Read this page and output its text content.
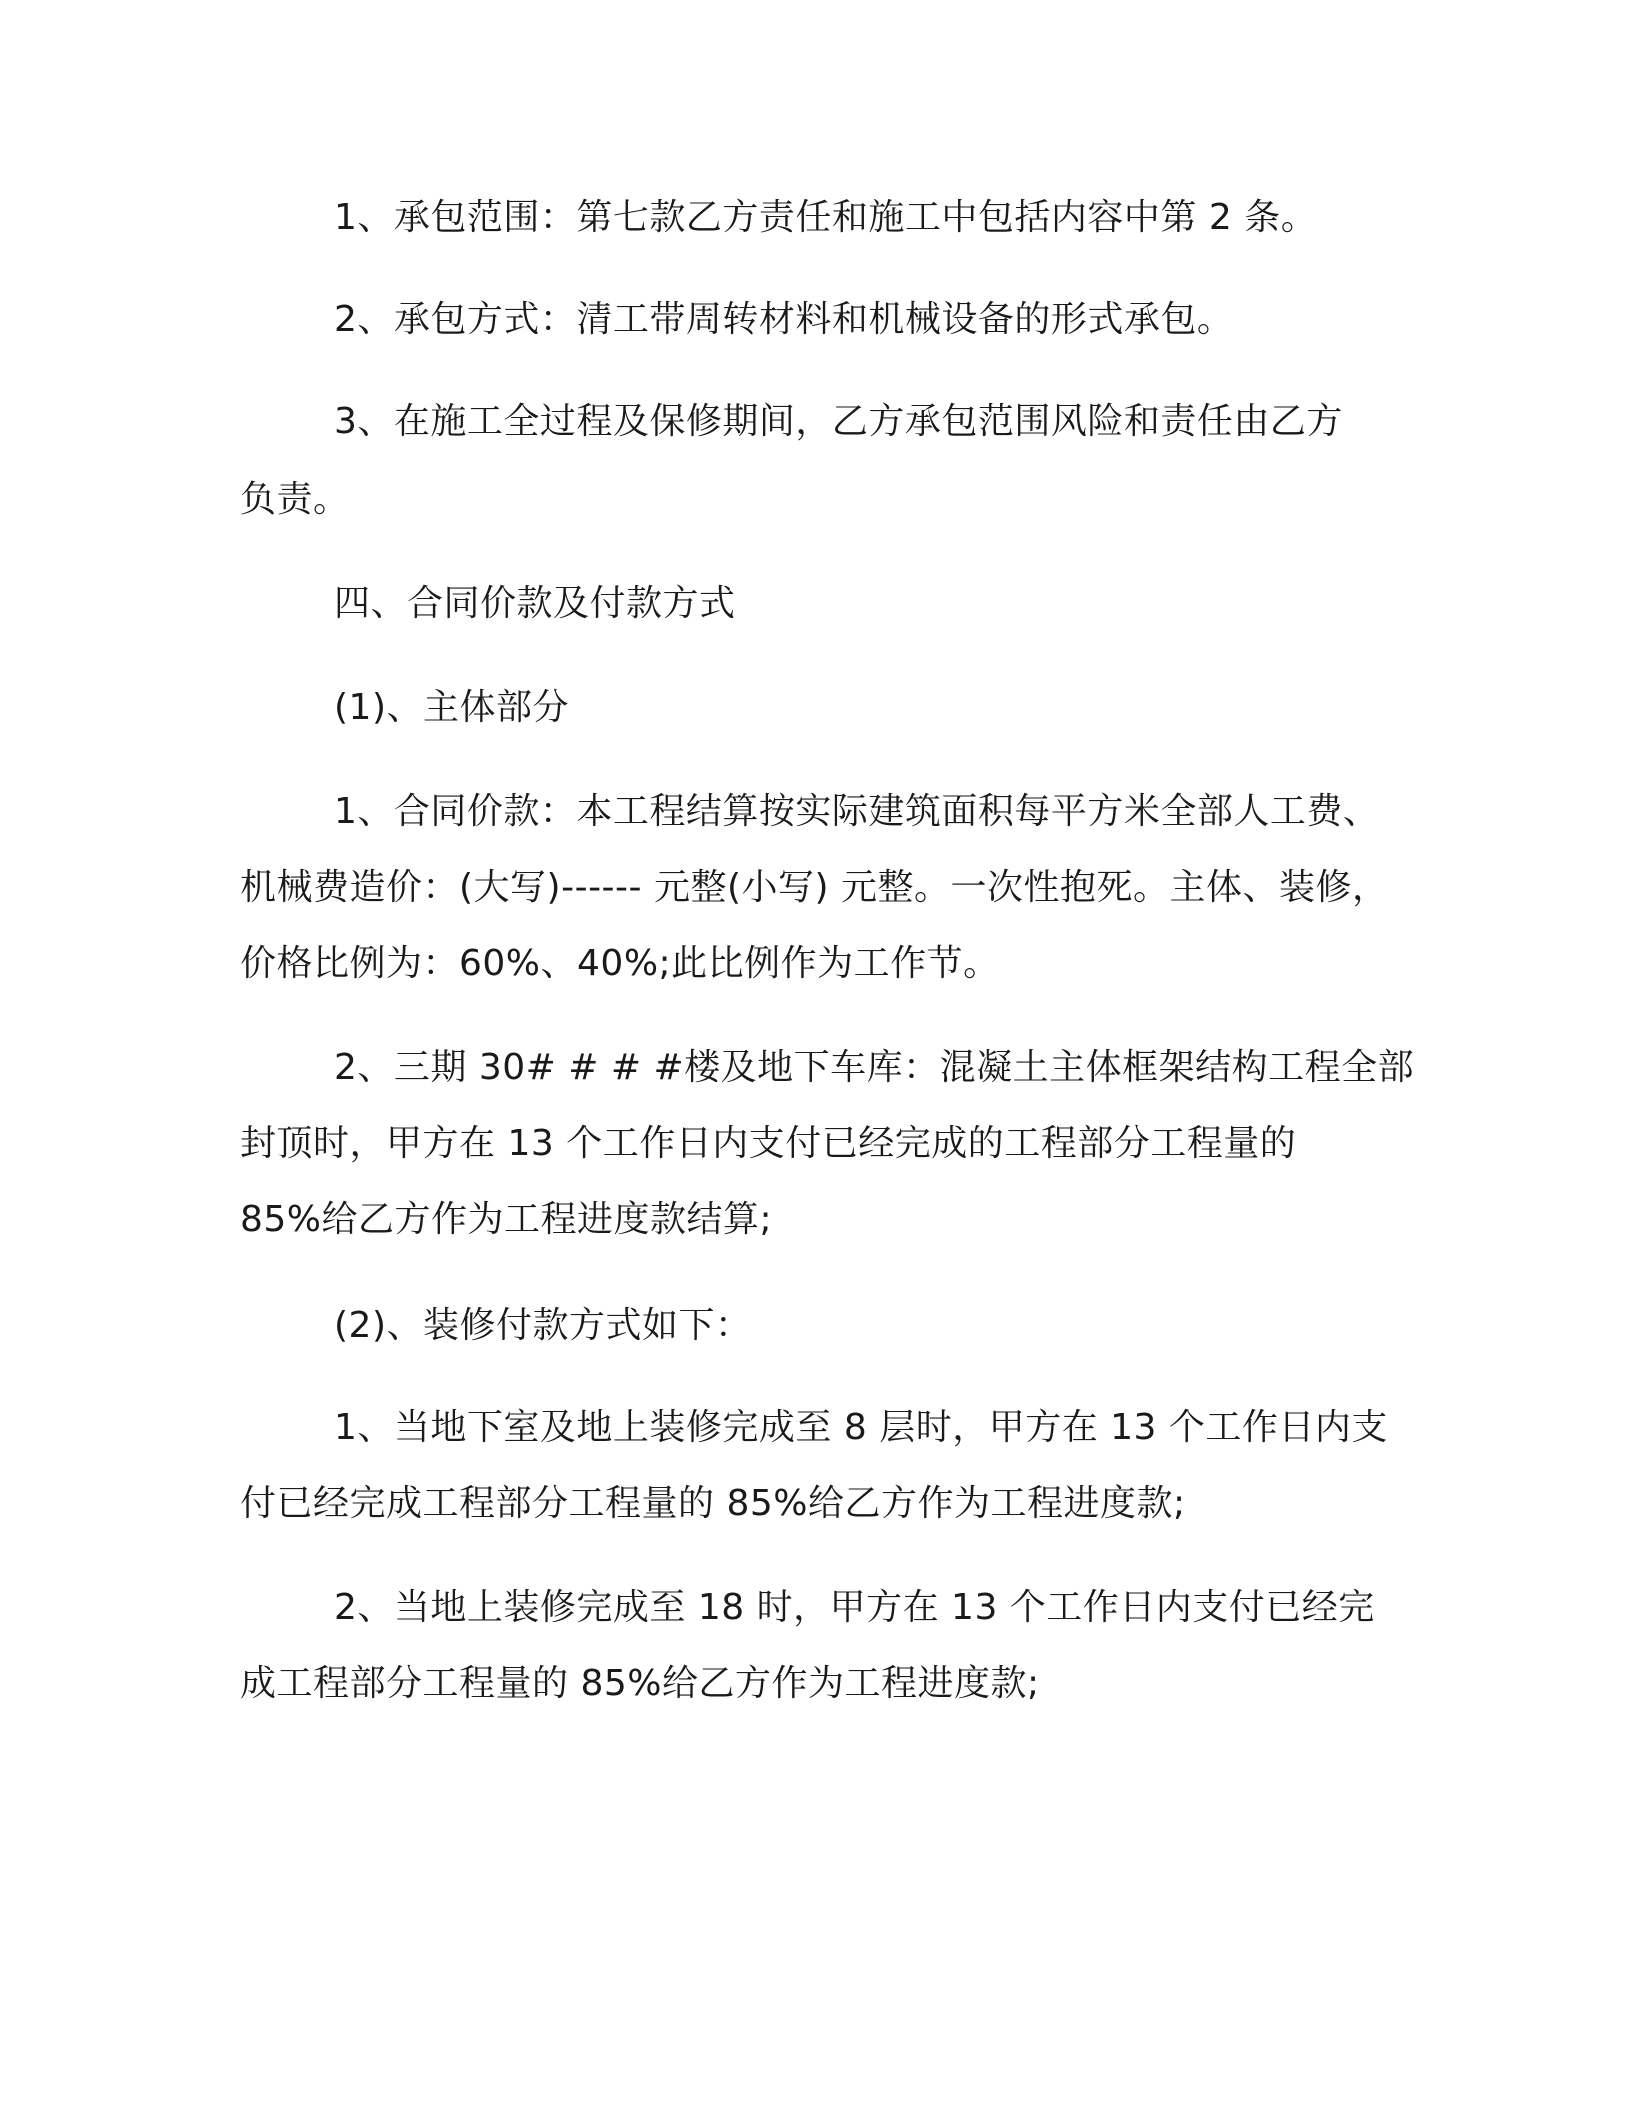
1、承包范围：第七款乙方责任和施工中包括内容中第 2 条。
2、承包方式：清工带周转材料和机械设备的形式承包。
3、在施工全过程及保修期间，乙方承包范围风险和责任由乙方
负责。
四、合同价款及付款方式
(1)、主体部分
1、合同价款：本工程结算按实际建筑面积每平方米全部人工费、
机械费造价：(大写)------ 元整(小写) 元整。一次性抱死。主体、装修，
价格比例为：60%、40%;此比例作为工作节。
2、三期 30# # # #楼及地下车库：混凝土主体框架结构工程全部
封顶时，甲方在 13 个工作日内支付已经完成的工程部分工程量的
85%给乙方作为工程进度款结算;
(2)、装修付款方式如下：
1、当地下室及地上装修完成至 8 层时，甲方在 13 个工作日内支
付已经完成工程部分工程量的 85%给乙方作为工程进度款;
2、当地上装修完成至 18 时，甲方在 13 个工作日内支付已经完
成工程部分工程量的 85%给乙方作为工程进度款;
